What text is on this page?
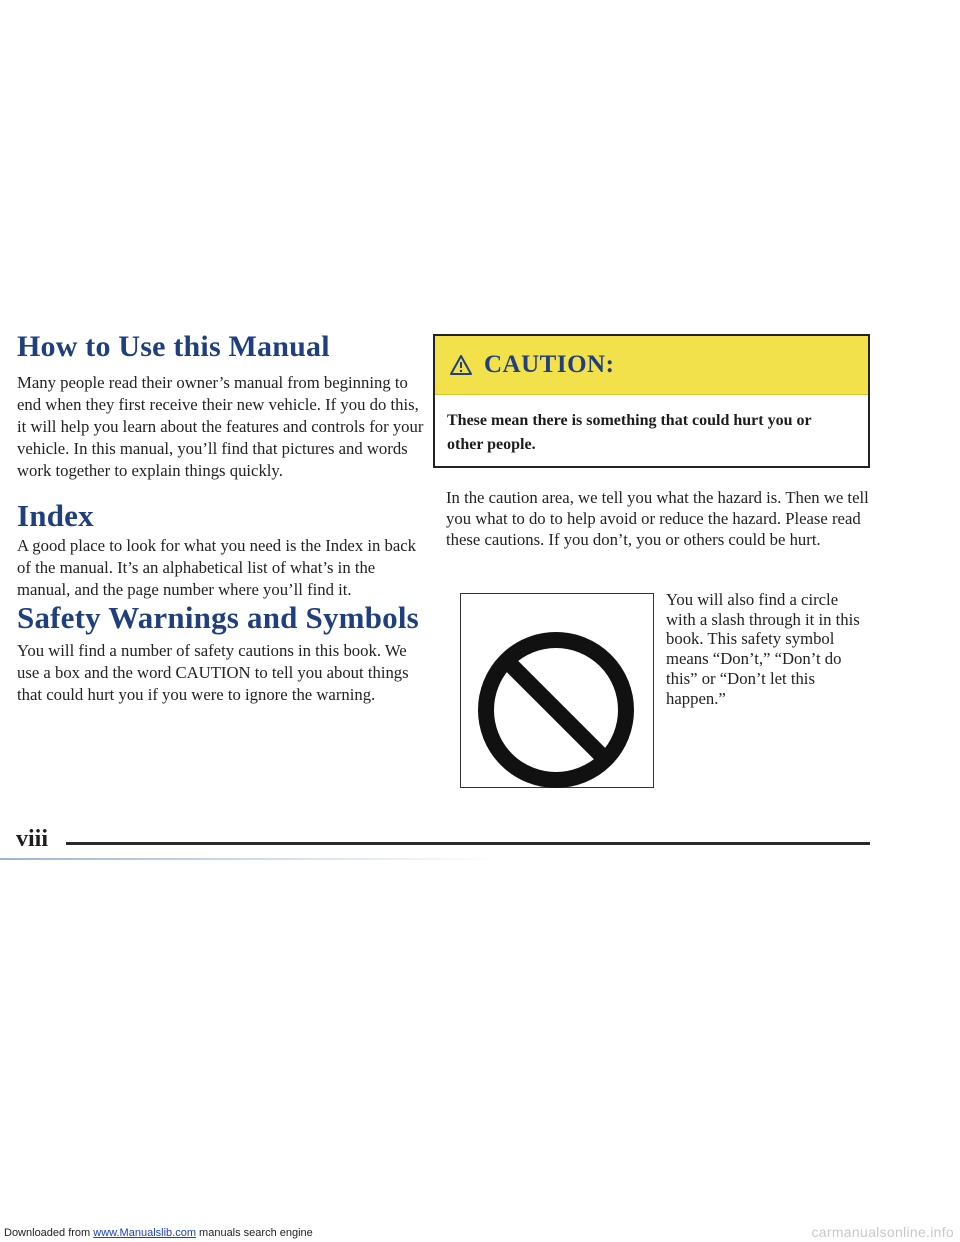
How to Use this Manual

Many people read their owner’s manual from beginning to end when they first receive their new vehicle. If you do this, it will help you learn about the features and controls for your vehicle. In this manual, you’ll find that pictures and words work together to explain things quickly.

Index

A good place to look for what you need is the Index in back of the manual. It’s an alphabetical list of what’s in the manual, and the page number where you’ll find it.

Safety Warnings and Symbols

You will find a number of safety cautions in this book. We use a box and the word CAUTION to tell you about things that could hurt you if you were to ignore the warning.

CAUTION:
These mean there is something that could hurt you or other people.

In the caution area, we tell you what the hazard is. Then we tell you what to do to help avoid or reduce the hazard. Please read these cautions. If you don’t, you or others could be hurt.

You will also find a circle with a slash through it in this book. This safety symbol means “Don’t,” “Don’t do this” or “Don’t let this happen.”

viii

Downloaded from www.Manualslib.com manuals search engine	carmanualsonline.info
